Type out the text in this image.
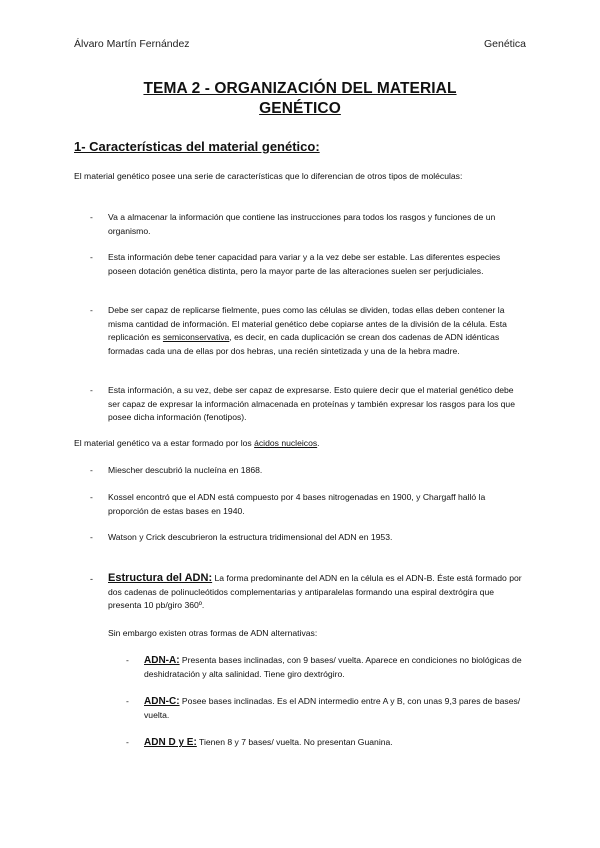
Álvaro Martín Fernández	Genética
TEMA 2 - ORGANIZACIÓN DEL MATERIAL
GENÉTICO
1- Características del material genético:
El material genético posee una serie de características que lo diferencian de otros tipos de moléculas:
-	Va a almacenar la información que contiene las instrucciones para todos los rasgos y funciones de un organismo.
-	Esta información debe tener capacidad para variar y a la vez debe ser estable. Las diferentes especies poseen dotación genética distinta, pero la mayor parte de las alteraciones suelen ser perjudiciales.
-	Debe ser capaz de replicarse fielmente, pues como las células se dividen, todas ellas deben contener la misma cantidad de información. El material genético debe copiarse antes de la división de la célula. Esta replicación es semiconservativa, es decir, en cada duplicación se crean dos cadenas de ADN idénticas formadas cada una de ellas por dos hebras, una recién sintetizada y una de la hebra madre.
-	Esta información, a su vez, debe ser capaz de expresarse. Esto quiere decir que el material genético debe ser capaz de expresar la información almacenada en proteínas y también expresar los rasgos para los que posee dicha información (fenotipos).
El material genético va a estar formado por los ácidos nucleicos.
-	Miescher descubrió la nucleína en 1868.
-	Kossel encontró que el ADN está compuesto por 4 bases nitrogenadas en 1900, y Chargaff halló la proporción de estas bases en 1940.
-	Watson y Crick descubrieron la estructura tridimensional del ADN en 1953.
-	Estructura del ADN: La forma predominante del ADN en la célula es el ADN-B. Éste está formado por dos cadenas de polinucleótidos complementarias y antiparalelas formando una espiral dextrógira que presenta 10 pb/giro 360º.
Sin embargo existen otras formas de ADN alternativas:
- ADN-A: Presenta bases inclinadas, con 9 bases/ vuelta. Aparece en condiciones no biológicas de deshidratación y alta salinidad. Tiene giro dextrógiro.
- ADN-C: Posee bases inclinadas. Es el ADN intermedio entre A y B, con unas 9,3 pares de bases/ vuelta.
- ADN D y E: Tienen 8 y 7 bases/ vuelta. No presentan Guanina.
